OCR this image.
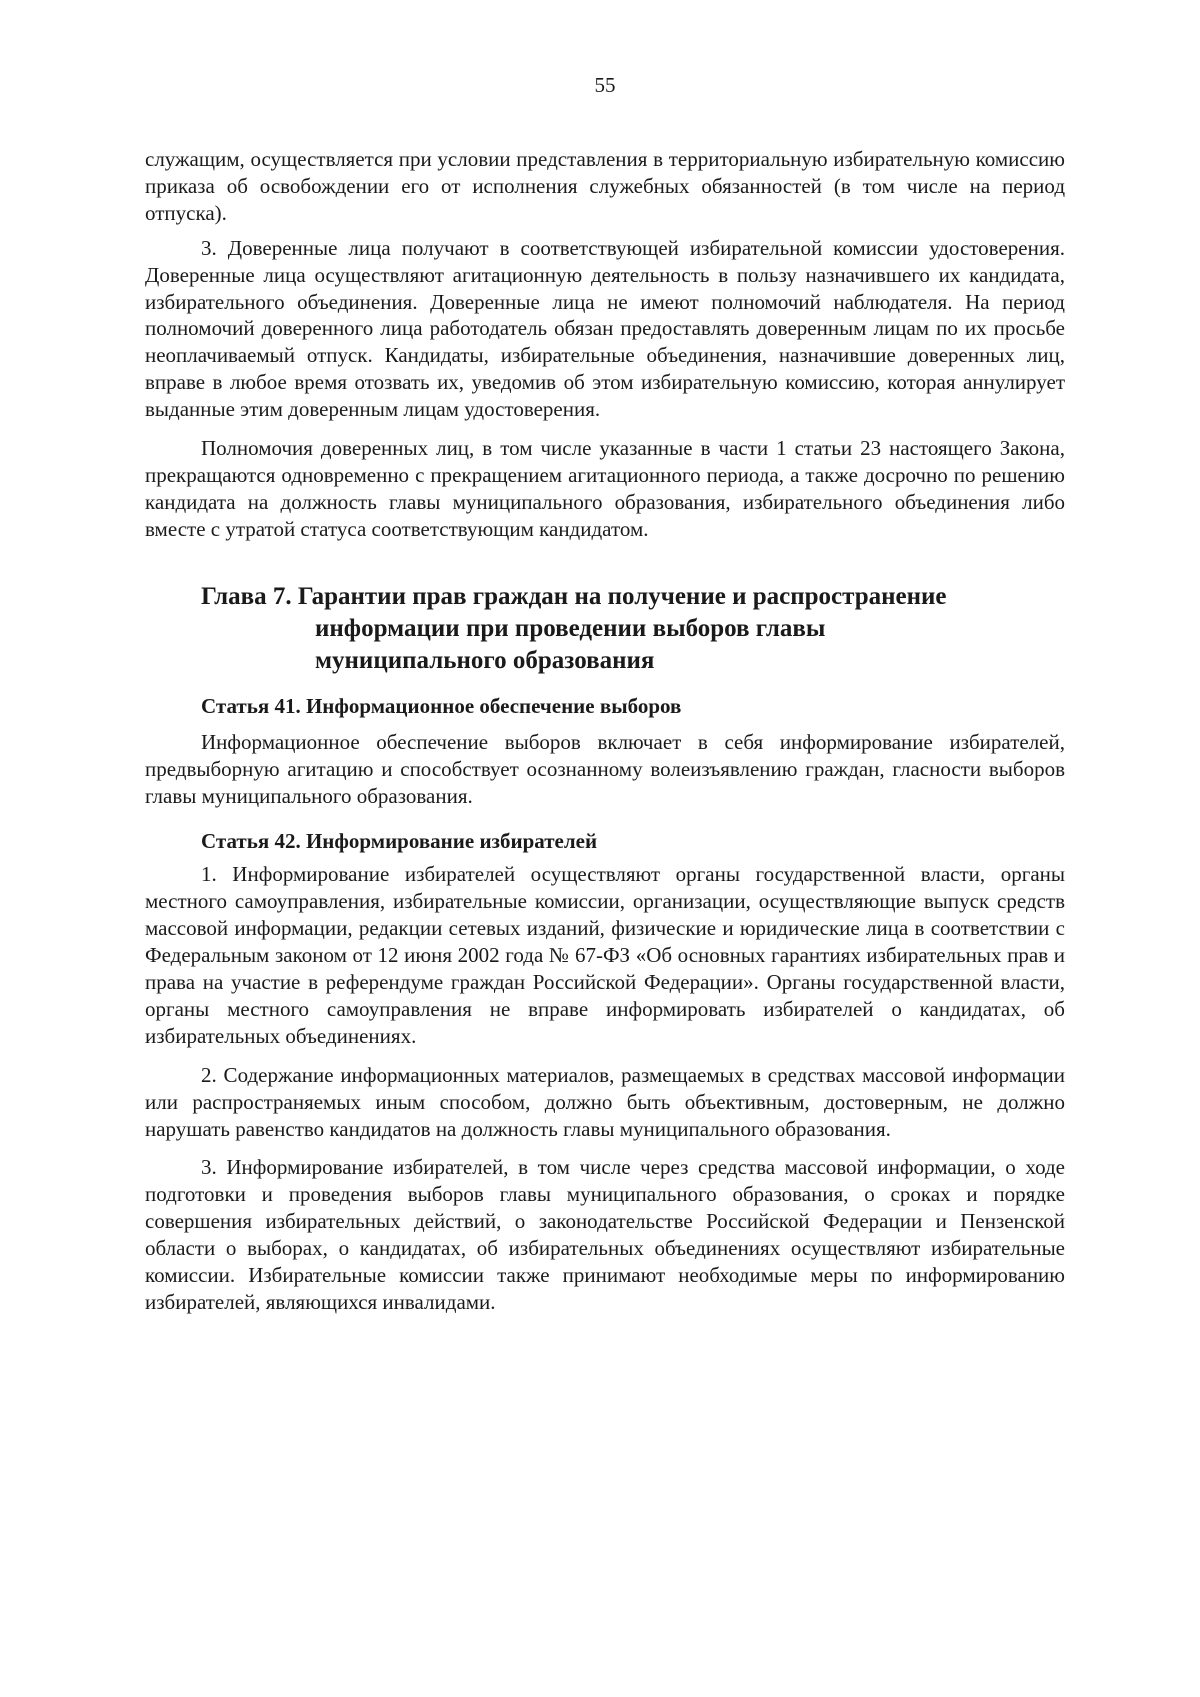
55

служащим, осуществляется при условии представления в территориальную избирательную комиссию приказа об освобождении его от исполнения служебных обязанностей (в том числе на период отпуска).

3. Доверенные лица получают в соответствующей избирательной комиссии удостоверения. Доверенные лица осуществляют агитационную деятельность в пользу назначившего их кандидата, избирательного объединения. Доверенные лица не имеют полномочий наблюдателя. На период полномочий доверенного лица работодатель обязан предоставлять доверенным лицам по их просьбе неоплачиваемый отпуск. Кандидаты, избирательные объединения, назначившие доверенных лиц, вправе в любое время отозвать их, уведомив об этом избирательную комиссию, которая аннулирует выданные этим доверенным лицам удостоверения.

Полномочия доверенных лиц, в том числе указанные в части 1 статьи 23 настоящего Закона, прекращаются одновременно с прекращением агитационного периода, а также досрочно по решению кандидата на должность главы муниципального образования, избирательного объединения либо вместе с утратой статуса соответствующим кандидатом.

Глава 7. Гарантии прав граждан на получение и распространение
информации при проведении выборов главы
муниципального образования
Статья 41. Информационное обеспечение выборов

Информационное обеспечение выборов включает в себя информирование избирателей, предвыборную агитацию и способствует осознанному волеизъявлению граждан, гласности выборов главы муниципального образования.

Статья 42. Информирование избирателей

1. Информирование избирателей осуществляют органы государственной власти, органы местного самоуправления, избирательные комиссии, организации, осуществляющие выпуск средств массовой информации, редакции сетевых изданий, физические и юридические лица в соответствии с Федеральным законом от 12 июня 2002 года № 67-ФЗ «Об основных гарантиях избирательных прав и права на участие в референдуме граждан Российской Федерации». Органы государственной власти, органы местного самоуправления не вправе информировать избирателей о кандидатах, об избирательных объединениях.

2. Содержание информационных материалов, размещаемых в средствах массовой информации или распространяемых иным способом, должно быть объективным, достоверным, не должно нарушать равенство кандидатов на должность главы муниципального образования.

3. Информирование избирателей, в том числе через средства массовой информации, о ходе подготовки и проведения выборов главы муниципального образования, о сроках и порядке совершения избирательных действий, о законодательстве Российской Федерации и Пензенской области о выборах, о кандидатах, об избирательных объединениях осуществляют избирательные комиссии. Избирательные комиссии также принимают необходимые меры по информированию избирателей, являющихся инвалидами.
